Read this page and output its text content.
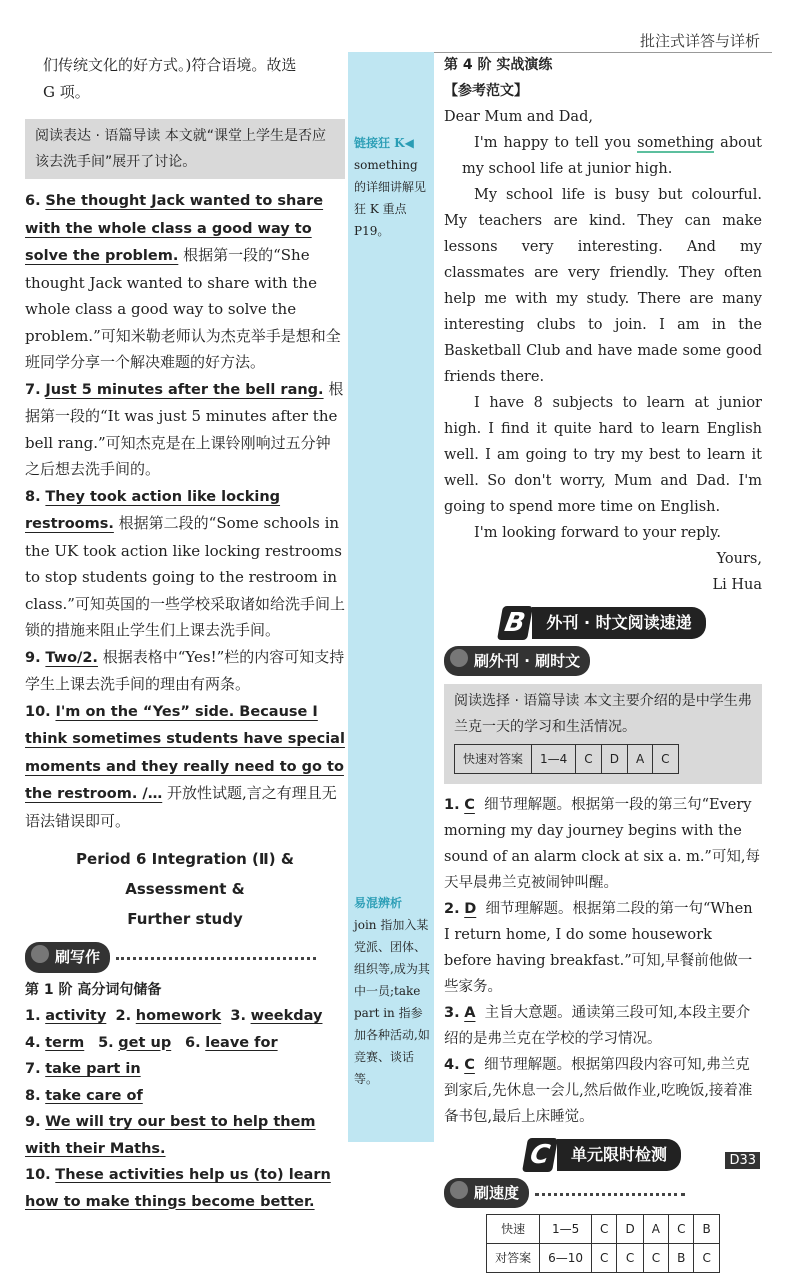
批注式详答与详析

们传统文化的好方式。)符合语境。故选

G 项。

阅读表达 · 语篇导读 本文就“课堂上学生是否应该去洗手间”展开了讨论。

6. She thought Jack wanted to share with the whole class a good way to solve the problem. 根据第一段的“She thought Jack wanted to share with the whole class a good way to solve the problem.”可知米勒老师认为杰克举手是想和全班同学分享一个解决难题的好方法。

7. Just 5 minutes after the bell rang. 根据第一段的“It was just 5 minutes after the bell rang.”可知杰克是在上课铃刚响过五分钟之后想去洗手间的。

8. They took action like locking restrooms. 根据第二段的“Some schools in the UK took action like locking restrooms to stop students going to the restroom in class.”可知英国的一些学校采取诸如给洗手间上锁的措施来阻止学生们上课去洗手间。

9. Two/2. 根据表格中“Yes!”栏的内容可知支持学生上课去洗手间的理由有两条。

10. I'm on the “Yes” side. Because I think sometimes students have special moments and they really need to go to the restroom. /… 开放性试题,言之有理且无语法错误即可。

Period 6 Integration (Ⅱ) & Assessment &
Further study
刷写作
第 1 阶 高分词句储备

1. activity 2. homework 3. weekday

4. term 5. get up 6. leave for

7. take part in

8. take care of

9. We will try our best to help them with their Maths.

10. These activities help us (to) learn how to make things become better.

链接狂 K◀
something 的详细讲解见狂 K 重点 P19。
易混辨析
join 指加入某党派、团体、组织等,成为其中一员;take part in 指参加各种活动,如竞赛、谈话等。
第 4 阶 实战演练
【参考范文】

Dear Mum and Dad,

I'm happy to tell you something about my school life at junior high.

My school life is busy but colourful. My teachers are kind. They can make lessons very interesting. And my classmates are very friendly. They often help me with my study. There are many interesting clubs to join. I am in the Basketball Club and have made some good friends there.

I have 8 subjects to learn at junior high. I find it quite hard to learn English well. I am going to try my best to learn it well. So don't worry, Mum and Dad. I'm going to spend more time on English.

I'm looking forward to your reply.

Yours,

Li Hua

B	外刊 · 时文阅读速递
刷外刊 · 刷时文
阅读选择 · 语篇导读 本文主要介绍的是中学生弗兰克一天的学习和生活情况。
快速对答案	1—4	C	D	A	C

1. C 细节理解题。根据第一段的第三句“Every morning my day journey begins with the sound of an alarm clock at six a. m.”可知,每天早晨弗兰克被闹钟叫醒。

2. D 细节理解题。根据第二段的第一句“When I return home, I do some housework before having breakfast.”可知,早餐前他做一些家务。

3. A 主旨大意题。通读第三段可知,本段主要介绍的是弗兰克在学校的学习情况。

4. C 细节理解题。根据第四段内容可知,弗兰克到家后,先休息一会儿,然后做作业,吃晚饭,接着准备书包,最后上床睡觉。

C	单元限时检测
刷速度
快速	1—5	C	D	A	C	B
对答案	6—10	C	C	C	B	C
D33
